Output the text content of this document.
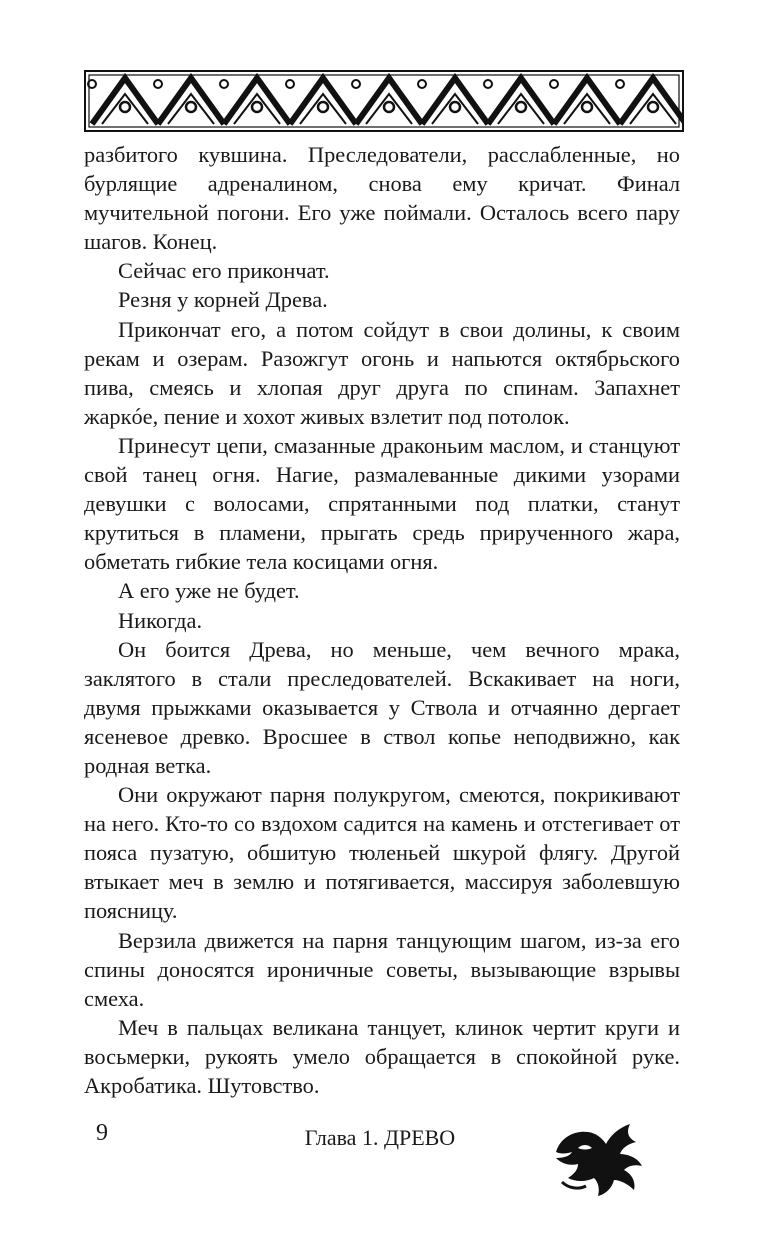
разбитого кувшина. Преследователи, расслабленные, но бурлящие адреналином, снова ему кричат. Финал мучительной погони. Его уже поймали. Осталось всего пару шагов. Конец.

Сейчас его прикончат.

Резня у корней Древа.

Прикончат его, а потом сойдут в свои долины, к своим рекам и озерам. Разожгут огонь и напьются октябрьского пива, смеясь и хлопая друг друга по спинам. Запахнет жаркóе, пение и хохот живых взлетит под потолок.

Принесут цепи, смазанные драконьим маслом, и станцуют свой танец огня. Нагие, размалеванные дикими узорами девушки с волосами, спрятанными под платки, станут крутиться в пламени, прыгать средь прирученного жара, обметать гибкие тела косицами огня.

А его уже не будет.

Никогда.

Он боится Древа, но меньше, чем вечного мрака, заклятого в стали преследователей. Вскакивает на ноги, двумя прыжками оказывается у Ствола и отчаянно дергает ясеневое древко. Вросшее в ствол копье неподвижно, как родная ветка.

Они окружают парня полукругом, смеются, покрикивают на него. Кто-то со вздохом садится на камень и отстегивает от пояса пузатую, обшитую тюленьей шкурой флягу. Другой втыкает меч в землю и потягивается, массируя заболевшую поясницу.

Верзила движется на парня танцующим шагом, из-за его спины доносятся ироничные советы, вызывающие взрывы смеха.

Меч в пальцах великана танцует, клинок чертит круги и восьмерки, рукоять умело обращается в спокойной руке. Акробатика. Шутовство.

9	Глава 1. ДРЕВО
